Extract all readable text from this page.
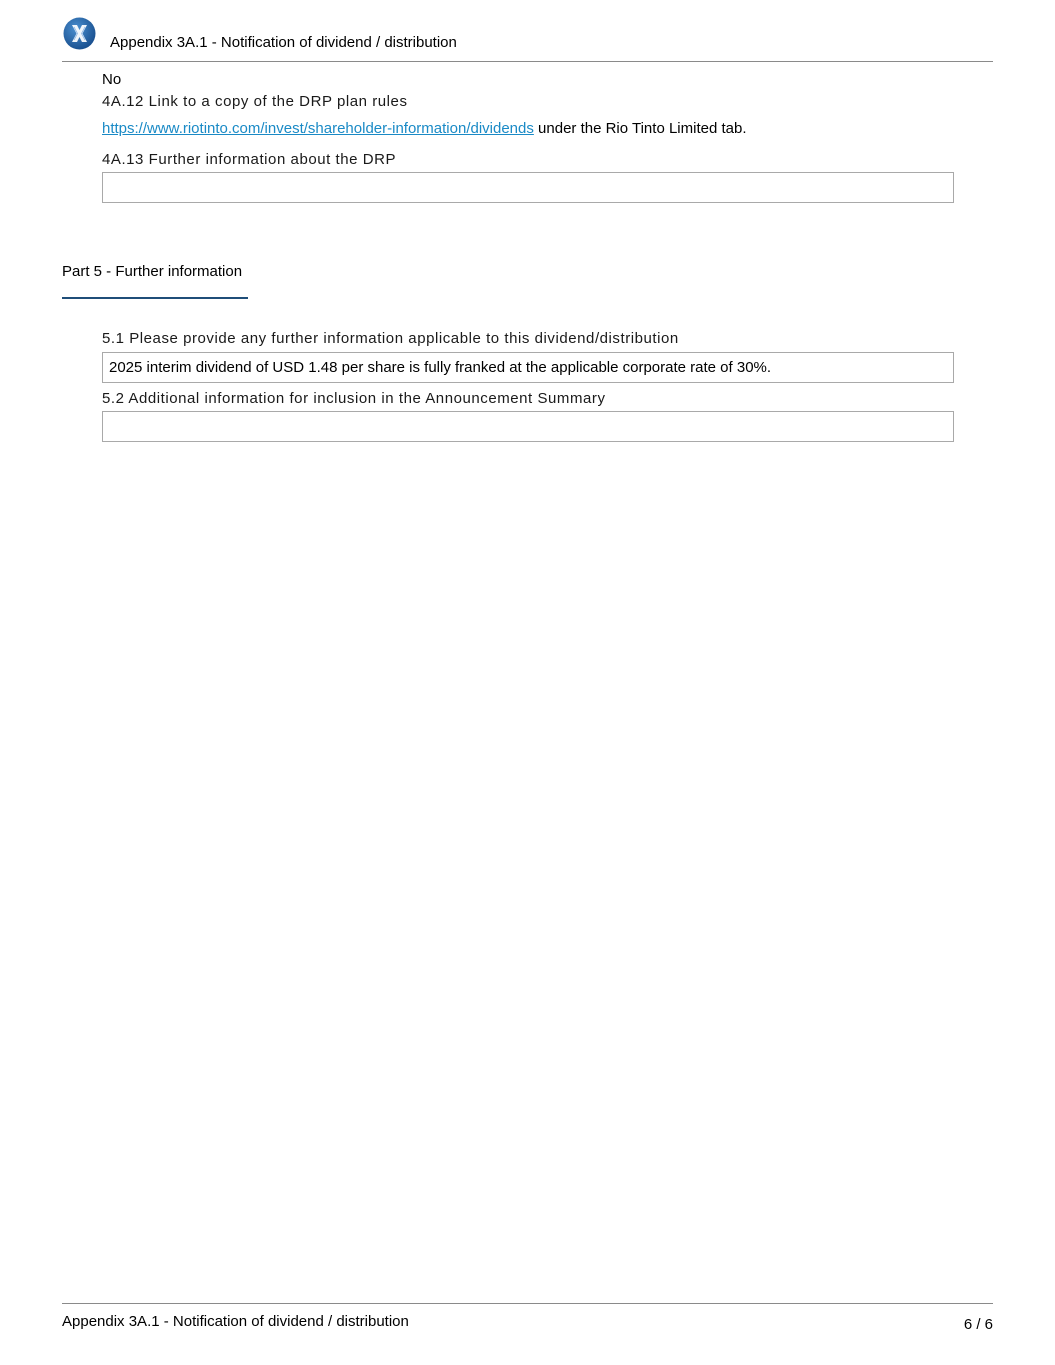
Appendix 3A.1 - Notification of dividend / distribution
No
4A.12 Link to a copy of the DRP plan rules
https://www.riotinto.com/invest/shareholder-information/dividends under the Rio Tinto Limited tab.
4A.13 Further information about the DRP
Part 5 - Further information
5.1 Please provide any further information applicable to this dividend/distribution
2025 interim dividend of USD 1.48 per share is fully franked at the applicable corporate rate of 30%.
5.2 Additional information for inclusion in the Announcement Summary
Appendix 3A.1 - Notification of dividend / distribution	6 / 6
